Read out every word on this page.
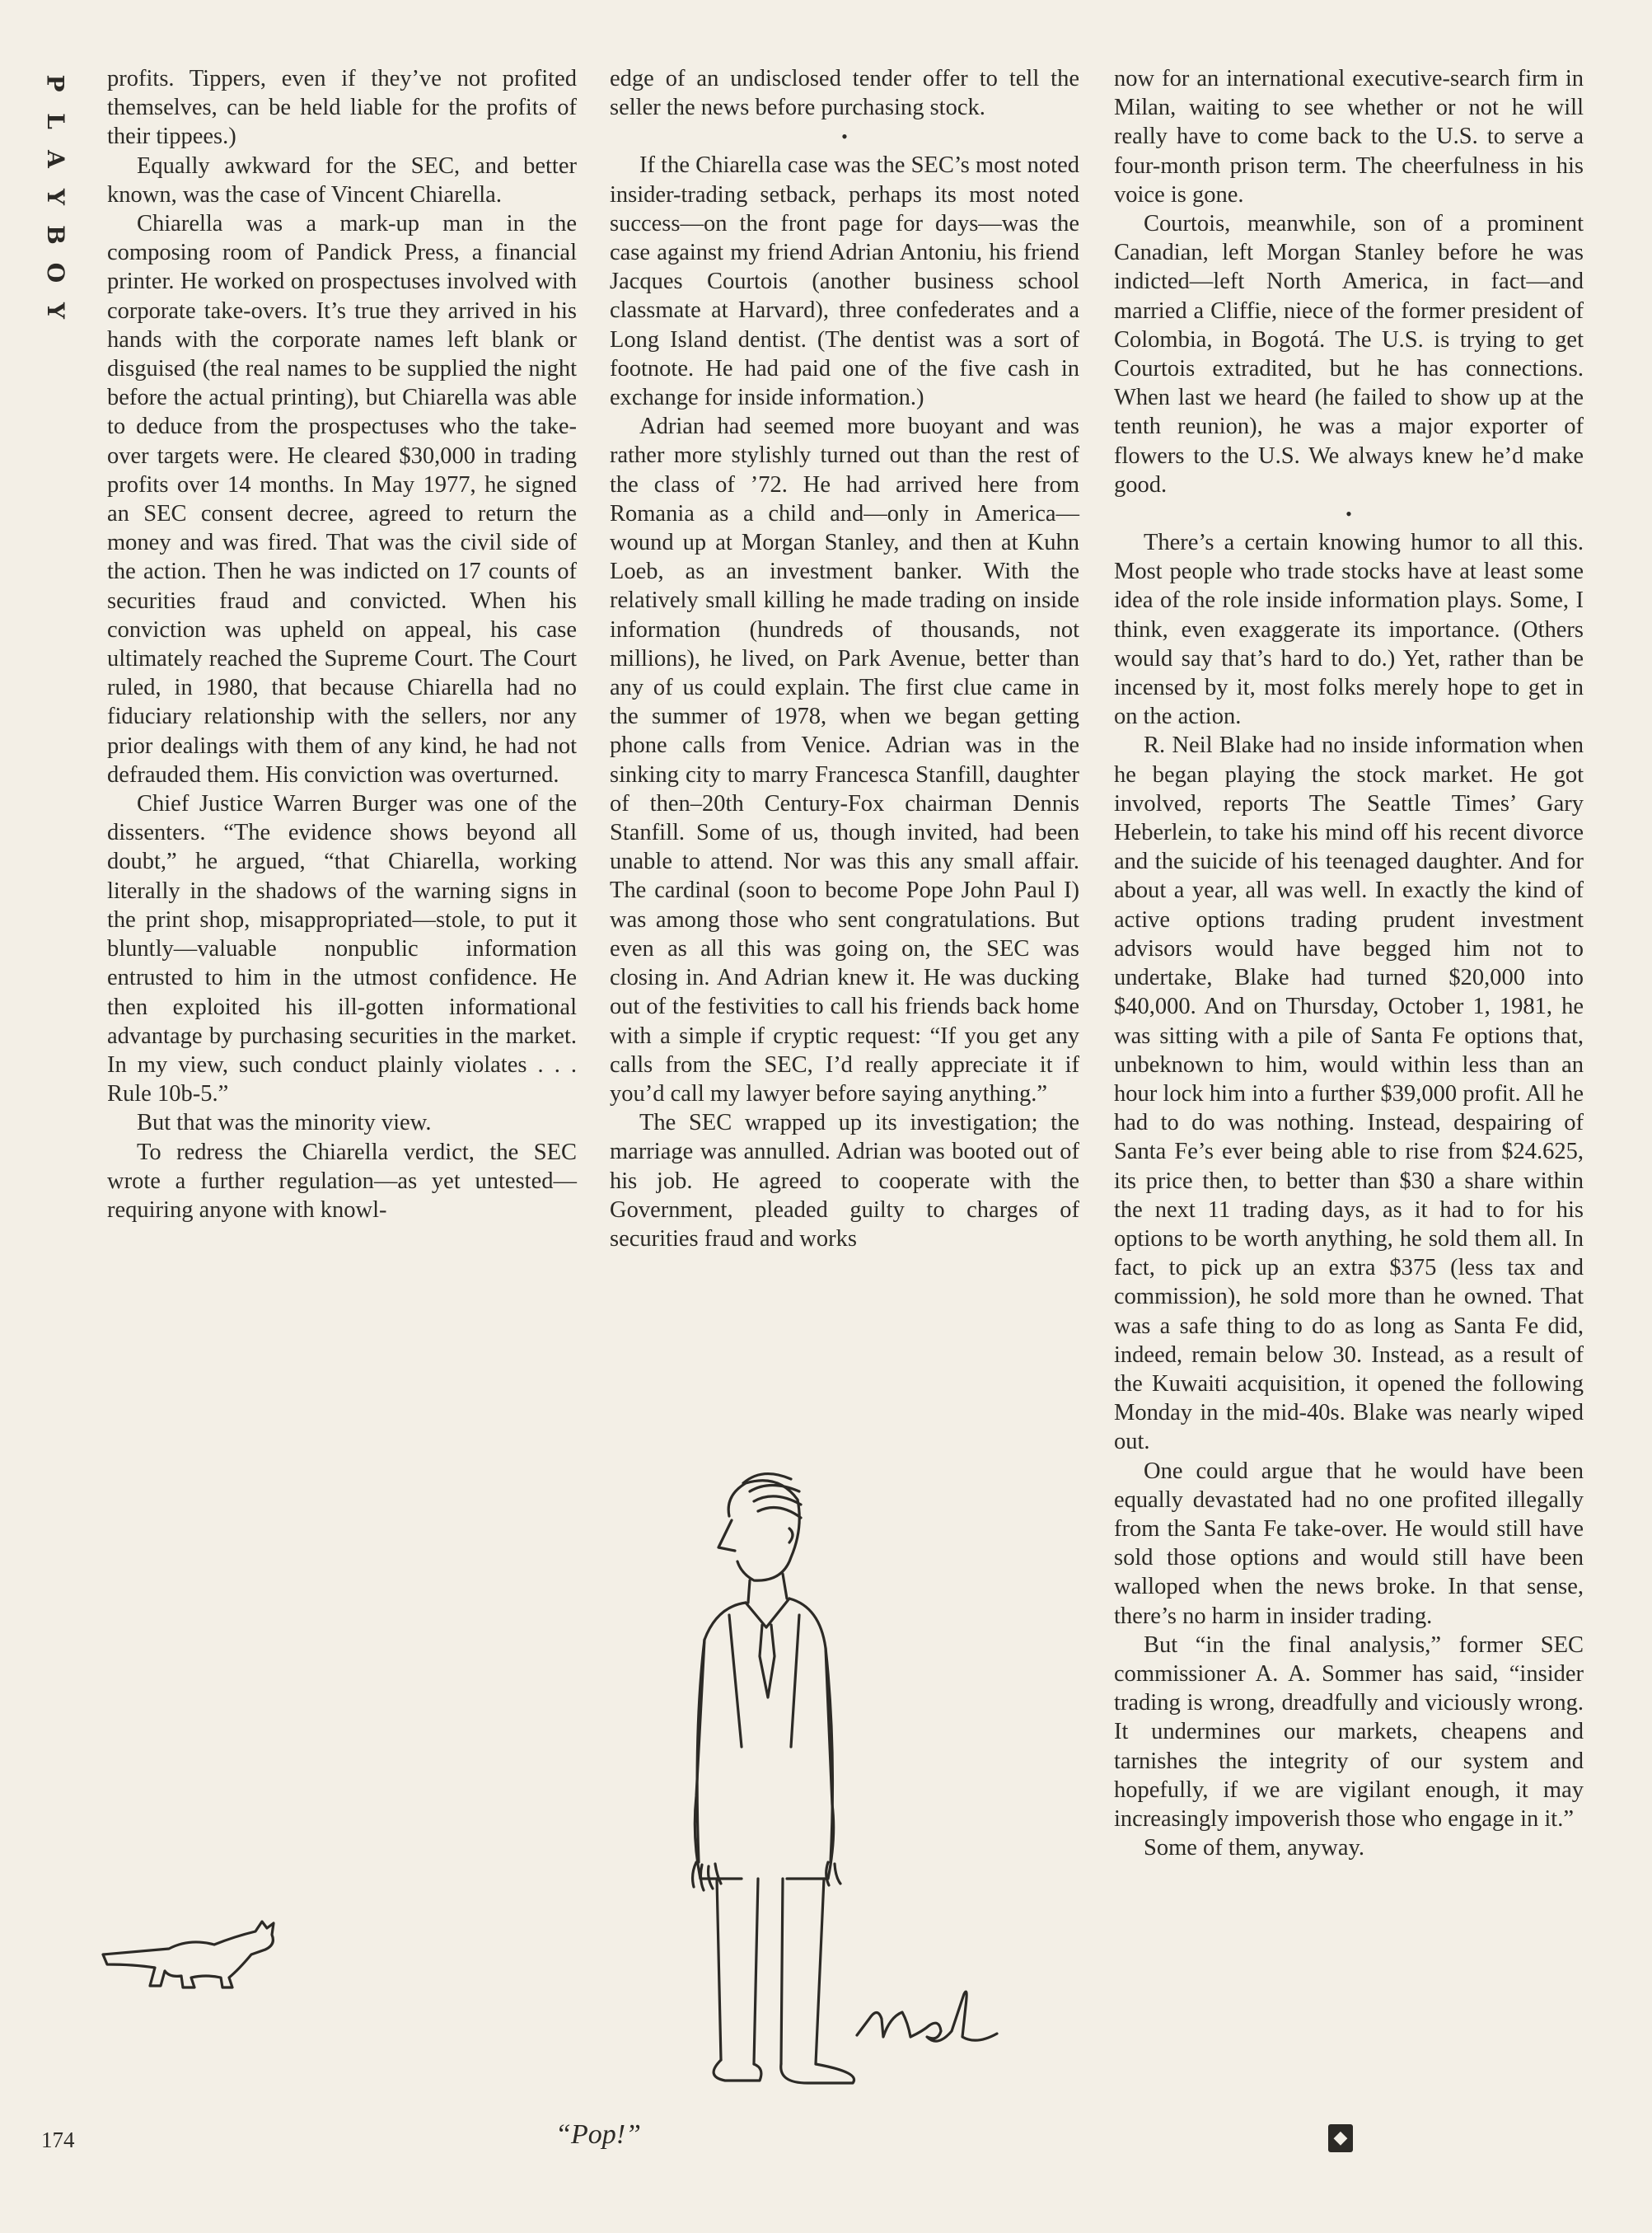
P
L
A
Y
B
O
Y

profits. Tippers, even if they’ve not profited themselves, can be held liable for the profits of their tippees.)

Equally awkward for the SEC, and better known, was the case of Vincent Chiarella.

Chiarella was a mark-up man in the composing room of Pandick Press, a financial printer. He worked on prospectuses involved with corporate take-overs. It’s true they arrived in his hands with the corporate names left blank or disguised (the real names to be supplied the night before the actual printing), but Chiarella was able to deduce from the prospectuses who the take-over targets were. He cleared $30,000 in trading profits over 14 months. In May 1977, he signed an SEC consent decree, agreed to return the money and was fired. That was the civil side of the action. Then he was indicted on 17 counts of securities fraud and convicted. When his conviction was upheld on appeal, his case ultimately reached the Supreme Court. The Court ruled, in 1980, that because Chiarella had no fiduciary relationship with the sellers, nor any prior dealings with them of any kind, he had not defrauded them. His conviction was overturned.

Chief Justice Warren Burger was one of the dissenters. “The evidence shows beyond all doubt,” he argued, “that Chiarella, working literally in the shadows of the warning signs in the print shop, misappropriated—stole, to put it bluntly—valuable nonpublic information entrusted to him in the utmost confidence. He then exploited his ill-gotten informational advantage by purchasing securities in the market. In my view, such conduct plainly violates . . . Rule 10b-5.”

But that was the minority view.

To redress the Chiarella verdict, the SEC wrote a further regulation—as yet untested—requiring anyone with knowl-

edge of an undisclosed tender offer to tell the seller the news before purchasing stock.

•

If the Chiarella case was the SEC’s most noted insider-trading setback, perhaps its most noted success—on the front page for days—was the case against my friend Adrian Antoniu, his friend Jacques Courtois (another business school classmate at Harvard), three confederates and a Long Island dentist. (The dentist was a sort of footnote. He had paid one of the five cash in exchange for inside information.)

Adrian had seemed more buoyant and was rather more stylishly turned out than the rest of the class of ’72. He had arrived here from Romania as a child and—only in America—wound up at Morgan Stanley, and then at Kuhn Loeb, as an investment banker. With the relatively small killing he made trading on inside information (hundreds of thousands, not millions), he lived, on Park Avenue, better than any of us could explain. The first clue came in the summer of 1978, when we began getting phone calls from Venice. Adrian was in the sinking city to marry Francesca Stanfill, daughter of then–20th Century-Fox chairman Dennis Stanfill. Some of us, though invited, had been unable to attend. Nor was this any small affair. The cardinal (soon to become Pope John Paul I) was among those who sent congratulations. But even as all this was going on, the SEC was closing in. And Adrian knew it. He was ducking out of the festivities to call his friends back home with a simple if cryptic request: “If you get any calls from the SEC, I’d really appreciate it if you’d call my lawyer before saying anything.”

The SEC wrapped up its investigation; the marriage was annulled. Adrian was booted out of his job. He agreed to cooperate with the Government, pleaded guilty to charges of securities fraud and works

now for an international executive-search firm in Milan, waiting to see whether or not he will really have to come back to the U.S. to serve a four-month prison term. The cheerfulness in his voice is gone.

Courtois, meanwhile, son of a prominent Canadian, left Morgan Stanley before he was indicted—left North America, in fact—and married a Cliffie, niece of the former president of Colombia, in Bogotá. The U.S. is trying to get Courtois extradited, but he has connections. When last we heard (he failed to show up at the tenth reunion), he was a major exporter of flowers to the U.S. We always knew he’d make good.

•

There’s a certain knowing humor to all this. Most people who trade stocks have at least some idea of the role inside information plays. Some, I think, even exaggerate its importance. (Others would say that’s hard to do.) Yet, rather than be incensed by it, most folks merely hope to get in on the action.

R. Neil Blake had no inside information when he began playing the stock market. He got involved, reports The Seattle Times’ Gary Heberlein, to take his mind off his recent divorce and the suicide of his teenaged daughter. And for about a year, all was well. In exactly the kind of active options trading prudent investment advisors would have begged him not to undertake, Blake had turned $20,000 into $40,000. And on Thursday, October 1, 1981, he was sitting with a pile of Santa Fe options that, unbeknown to him, would within less than an hour lock him into a further $39,000 profit. All he had to do was nothing. Instead, despairing of Santa Fe’s ever being able to rise from $24.625, its price then, to better than $30 a share within the next 11 trading days, as it had to for his options to be worth anything, he sold them all. In fact, to pick up an extra $375 (less tax and commission), he sold more than he owned. That was a safe thing to do as long as Santa Fe did, indeed, remain below 30. Instead, as a result of the Kuwaiti acquisition, it opened the following Monday in the mid-40s. Blake was nearly wiped out.

One could argue that he would have been equally devastated had no one profited illegally from the Santa Fe take-over. He would still have sold those options and would still have been walloped when the news broke. In that sense, there’s no harm in insider trading.

But “in the final analysis,” former SEC commissioner A. A. Sommer has said, “insider trading is wrong, dreadfully and viciously wrong. It undermines our markets, cheapens and tarnishes the integrity of our system and hopefully, if we are vigilant enough, it may increasingly impoverish those who engage in it.”

Some of them, anyway.

Mal
174	“Pop!”	◆
